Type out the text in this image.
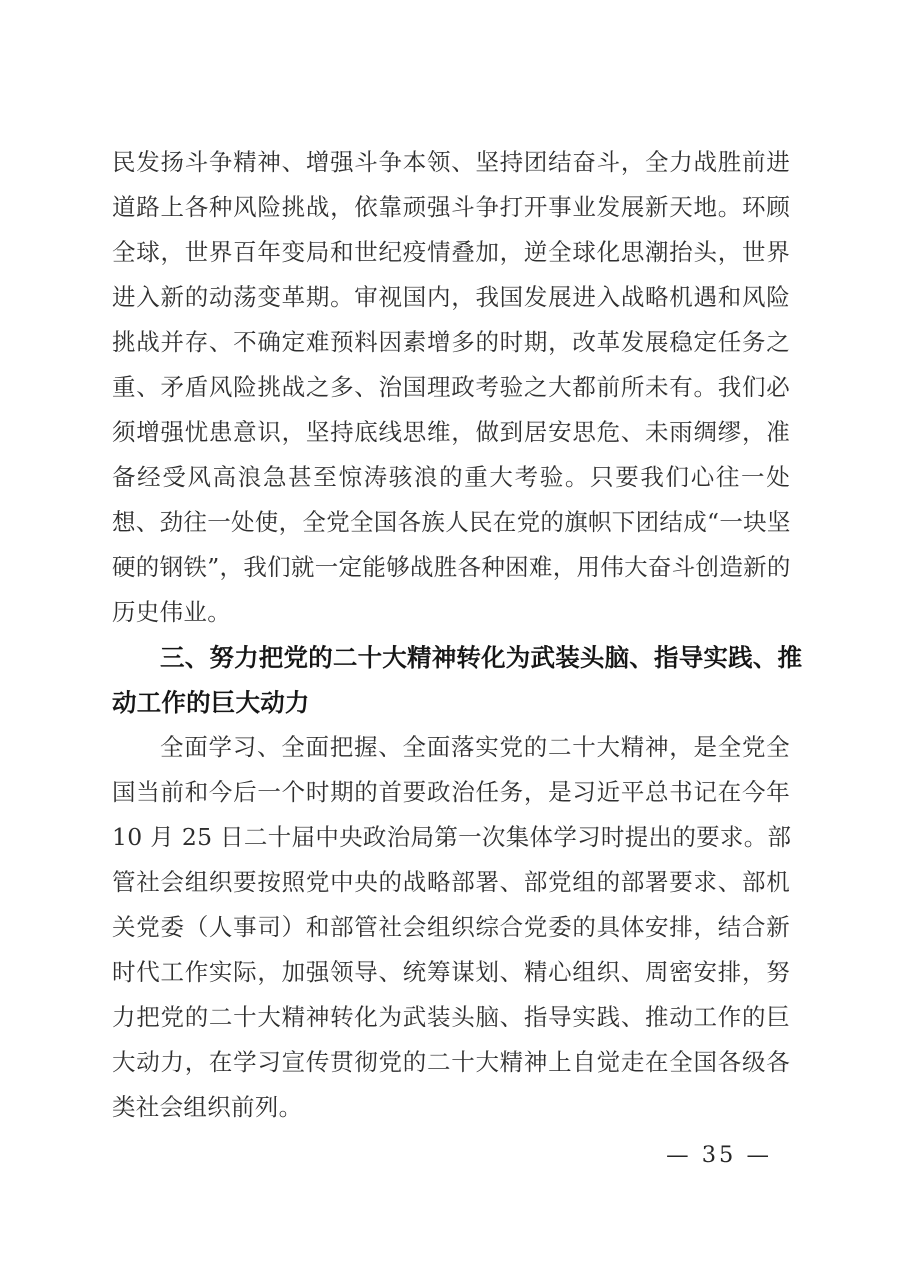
民发扬斗争精神、增强斗争本领、坚持团结奋斗，全力战胜前进
道路上各种风险挑战，依靠顽强斗争打开事业发展新天地。环顾
全球，世界百年变局和世纪疫情叠加，逆全球化思潮抬头，世界
进入新的动荡变革期。审视国内，我国发展进入战略机遇和风险
挑战并存、不确定难预料因素增多的时期，改革发展稳定任务之
重、矛盾风险挑战之多、治国理政考验之大都前所未有。我们必
须增强忧患意识，坚持底线思维，做到居安思危、未雨绸缪，准
备经受风高浪急甚至惊涛骇浪的重大考验。只要我们心往一处
想、劲往一处使，全党全国各族人民在党的旗帜下团结成“一块坚
硬的钢铁”，我们就一定能够战胜各种困难，用伟大奋斗创造新的
历史伟业。
三、努力把党的二十大精神转化为武装头脑、指导实践、推
动工作的巨大动力
全面学习、全面把握、全面落实党的二十大精神，是全党全
国当前和今后一个时期的首要政治任务，是习近平总书记在今年
10 月 25 日二十届中央政治局第一次集体学习时提出的要求。部
管社会组织要按照党中央的战略部署、部党组的部署要求、部机
关党委（人事司）和部管社会组织综合党委的具体安排，结合新
时代工作实际，加强领导、统筹谋划、精心组织、周密安排，努
力把党的二十大精神转化为武装头脑、指导实践、推动工作的巨
大动力，在学习宣传贯彻党的二十大精神上自觉走在全国各级各
类社会组织前列。
— 35 —
